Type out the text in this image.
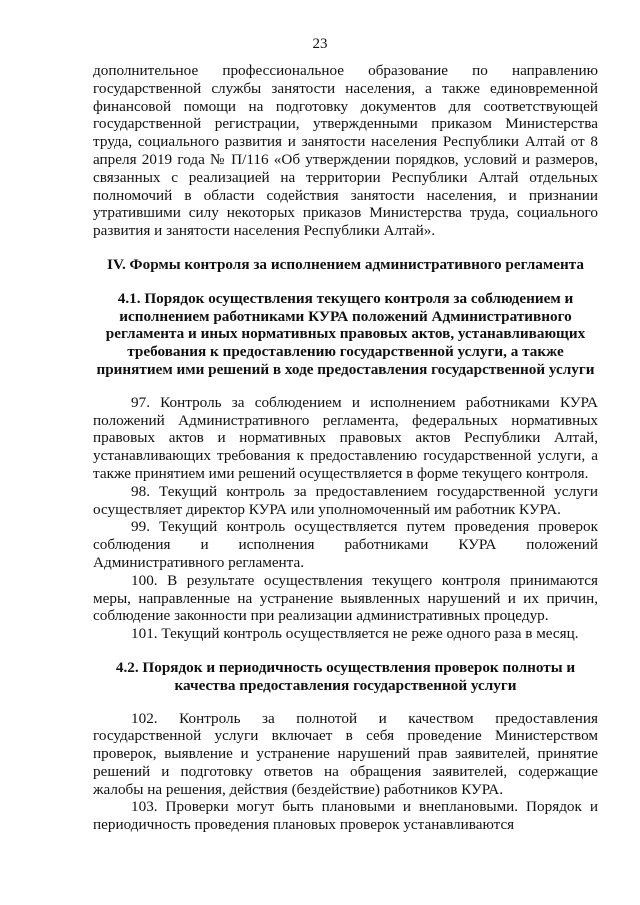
23

дополнительное профессиональное образование по направлению государственной службы занятости населения, а также единовременной финансовой помощи на подготовку документов для соответствующей государственной регистрации, утвержденными приказом Министерства труда, социального развития и занятости населения Республики Алтай от 8 апреля 2019 года № П/116 «Об утверждении порядков, условий и размеров, связанных с реализацией на территории Республики Алтай отдельных полномочий в области содействия занятости населения, и признании утратившими силу некоторых приказов Министерства труда, социального развития и занятости населения Республики Алтай».

IV. Формы контроля за исполнением административного регламента
4.1. Порядок осуществления текущего контроля за соблюдением и исполнением работниками КУРА положений Административного регламента и иных нормативных правовых актов, устанавливающих требования к предоставлению государственной услуги, а также принятием ими решений в ходе предоставления государственной услуги

97. Контроль за соблюдением и исполнением работниками КУРА положений Административного регламента, федеральных нормативных правовых актов и нормативных правовых актов Республики Алтай, устанавливающих требования к предоставлению государственной услуги, а также принятием ими решений осуществляется в форме текущего контроля.

98. Текущий контроль за предоставлением государственной услуги осуществляет директор КУРА или уполномоченный им работник КУРА.

99. Текущий контроль осуществляется путем проведения проверок соблюдения и исполнения работниками КУРА положений Административного регламента.

100. В результате осуществления текущего контроля принимаются меры, направленные на устранение выявленных нарушений и их причин, соблюдение законности при реализации административных процедур.

101. Текущий контроль осуществляется не реже одного раза в месяц.

4.2. Порядок и периодичность осуществления проверок полноты и качества предоставления государственной услуги

102. Контроль за полнотой и качеством предоставления государственной услуги включает в себя проведение Министерством проверок, выявление и устранение нарушений прав заявителей, принятие решений и подготовку ответов на обращения заявителей, содержащие жалобы на решения, действия (бездействие) работников КУРА.

103. Проверки могут быть плановыми и внеплановыми. Порядок и периодичность проведения плановых проверок устанавливаются
